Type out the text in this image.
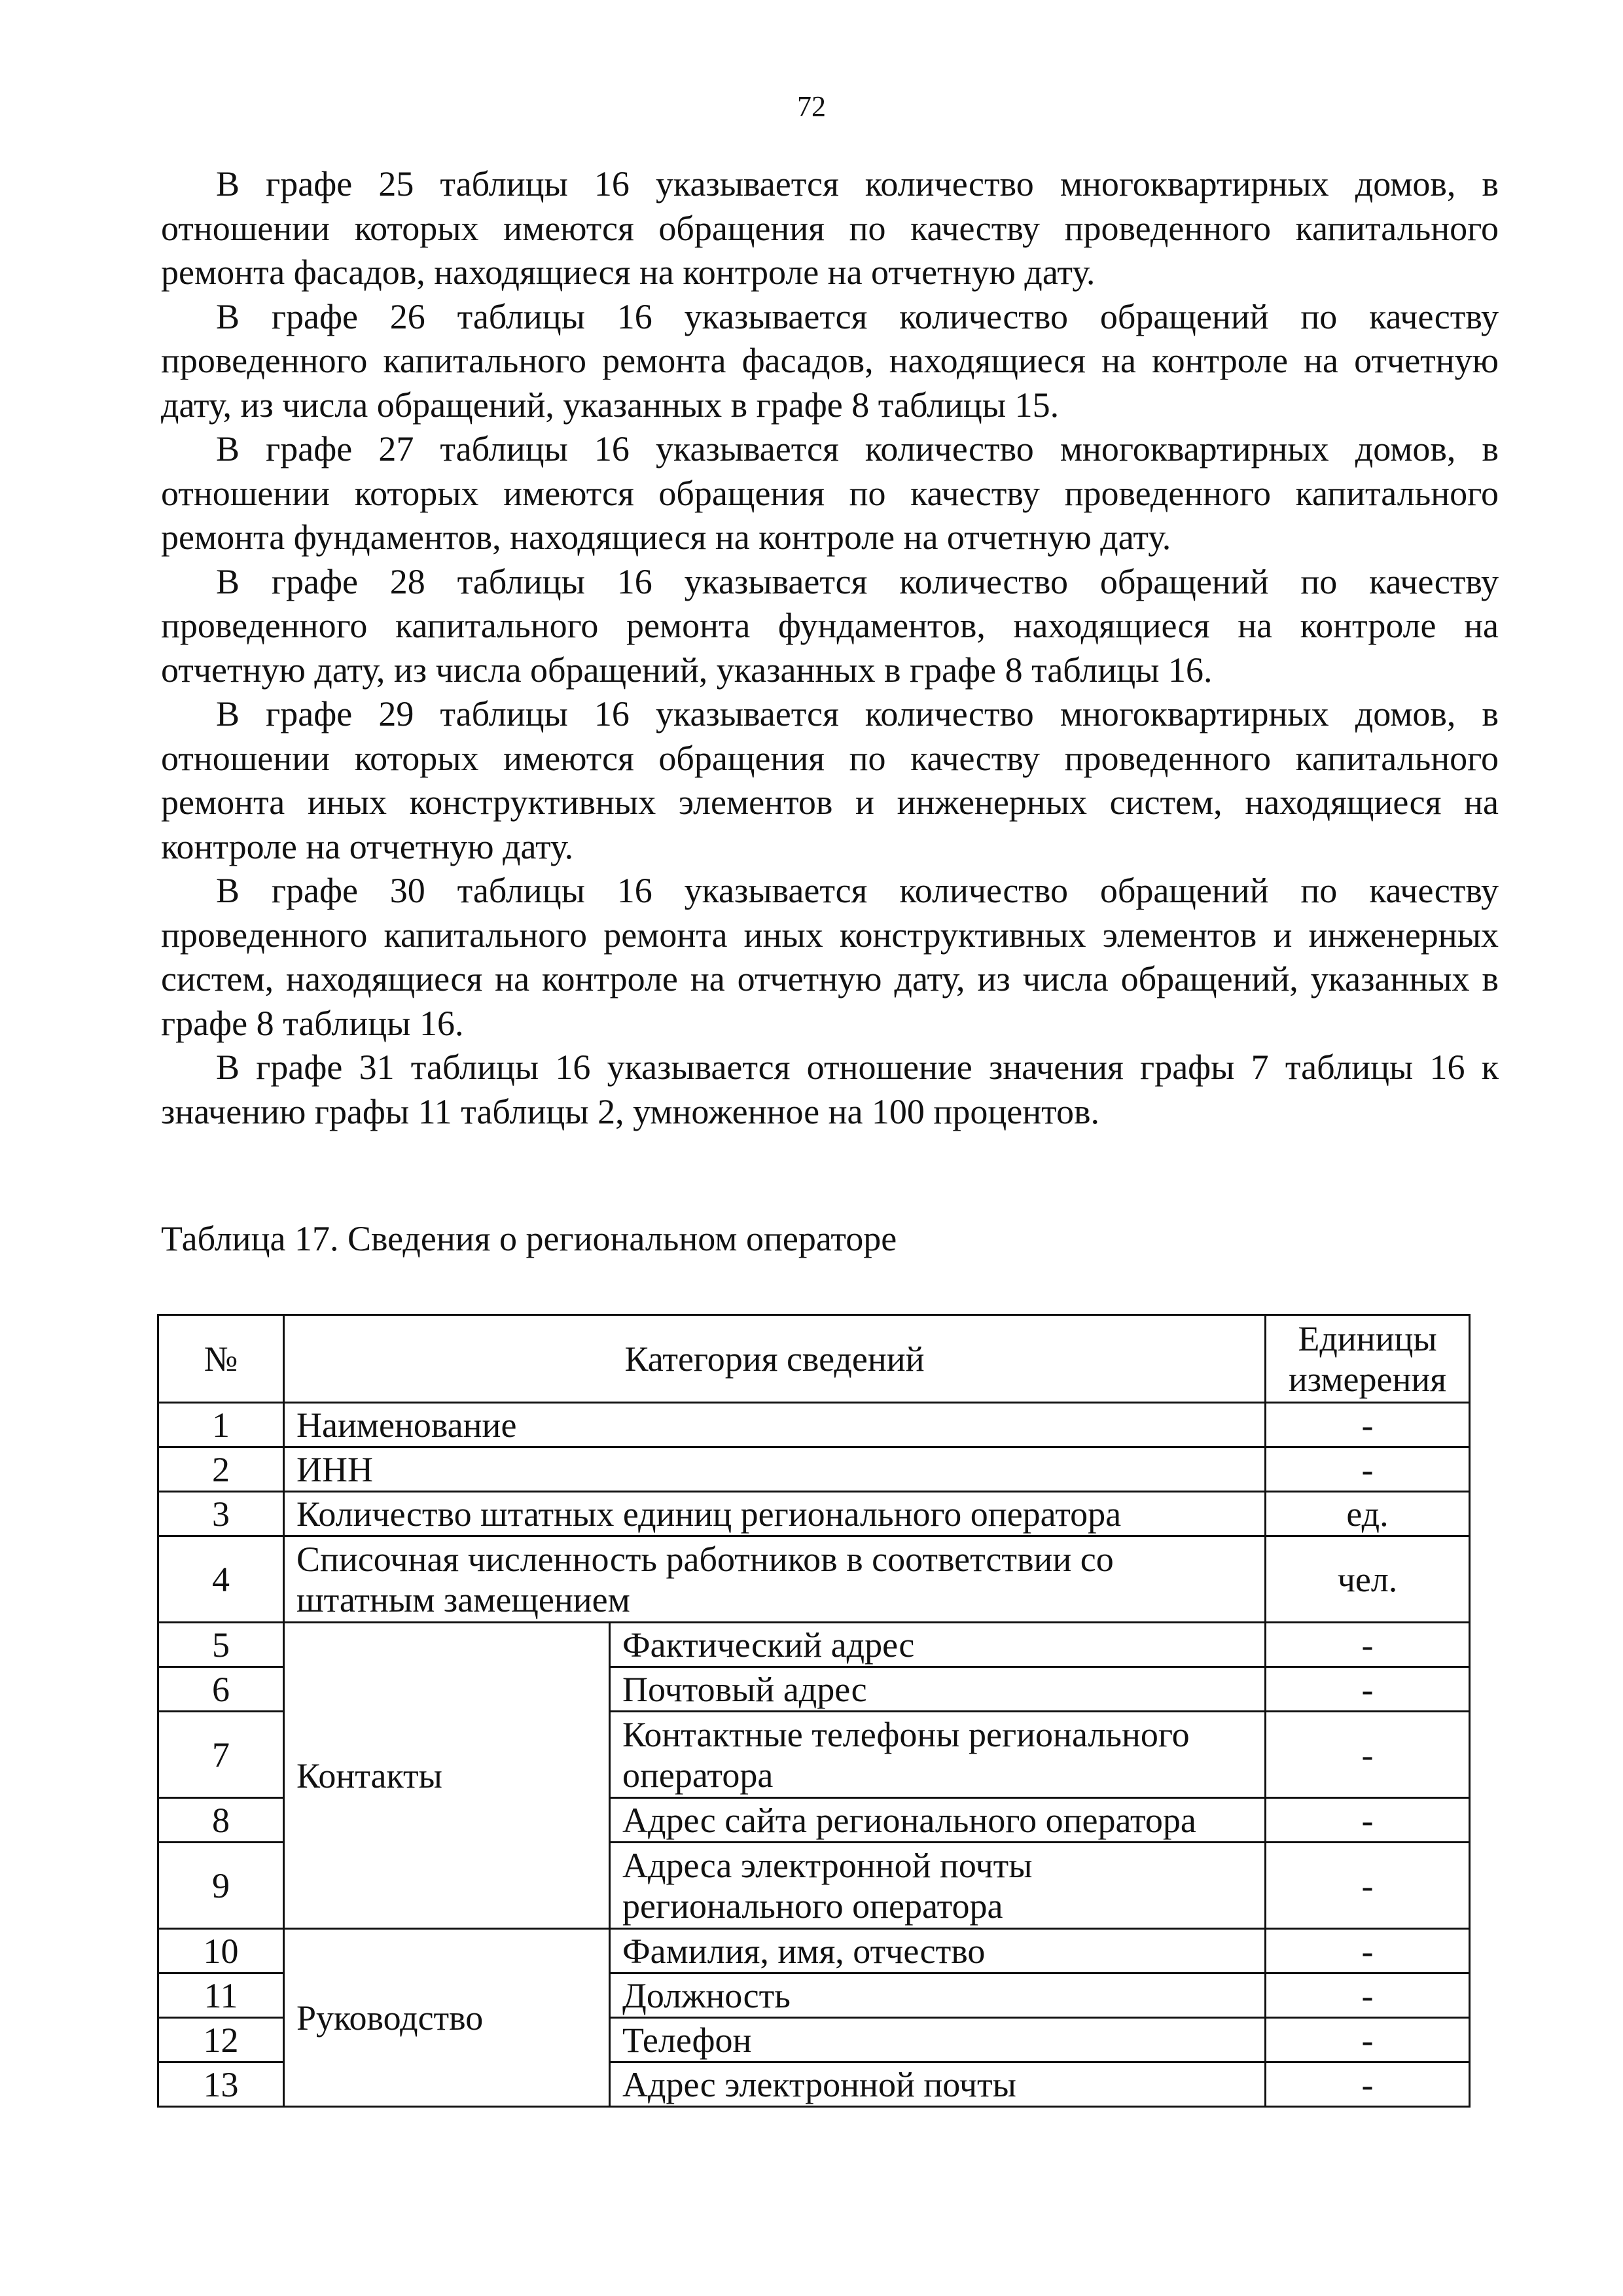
72

В графе 25 таблицы 16 указывается количество многоквартирных домов, в отношении которых имеются обращения по качеству проведенного капитального ремонта фасадов, находящиеся на контроле на отчетную дату.

В графе 26 таблицы 16 указывается количество обращений по качеству проведенного капитального ремонта фасадов, находящиеся на контроле на отчетную дату, из числа обращений, указанных в графе 8 таблицы 15.

В графе 27 таблицы 16 указывается количество многоквартирных домов, в отношении которых имеются обращения по качеству проведенного капитального ремонта фундаментов, находящиеся на контроле на отчетную дату.

В графе 28 таблицы 16 указывается количество обращений по качеству проведенного капитального ремонта фундаментов, находящиеся на контроле на отчетную дату, из числа обращений, указанных в графе 8 таблицы 16.

В графе 29 таблицы 16 указывается количество многоквартирных домов, в отношении которых имеются обращения по качеству проведенного капитального ремонта иных конструктивных элементов и инженерных систем, находящиеся на контроле на отчетную дату.

В графе 30 таблицы 16 указывается количество обращений по качеству проведенного капитального ремонта иных конструктивных элементов и инженерных систем, находящиеся на контроле на отчетную дату, из числа обращений, указанных в графе 8 таблицы 16.

В графе 31 таблицы 16 указывается отношение значения графы 7 таблицы 16 к значению графы 11 таблицы 2, умноженное на 100 процентов.

Таблица 17. Сведения о региональном операторе

№	Категория сведений		Единицы измерения
1	Наименование		-
2	ИНН		-
3	Количество штатных единиц регионального оператора		ед.
4	Списочная численность работников в соответствии со штатным замещением		чел.
5	Контакты	Фактический адрес	-
6		Почтовый адрес	-
7		Контактные телефоны регионального оператора	-
8		Адрес сайта регионального оператора	-
9		Адреса электронной почты регионального оператора	-
10	Руководство	Фамилия, имя, отчество	-
11		Должность	-
12		Телефон	-
13		Адрес электронной почты	-
